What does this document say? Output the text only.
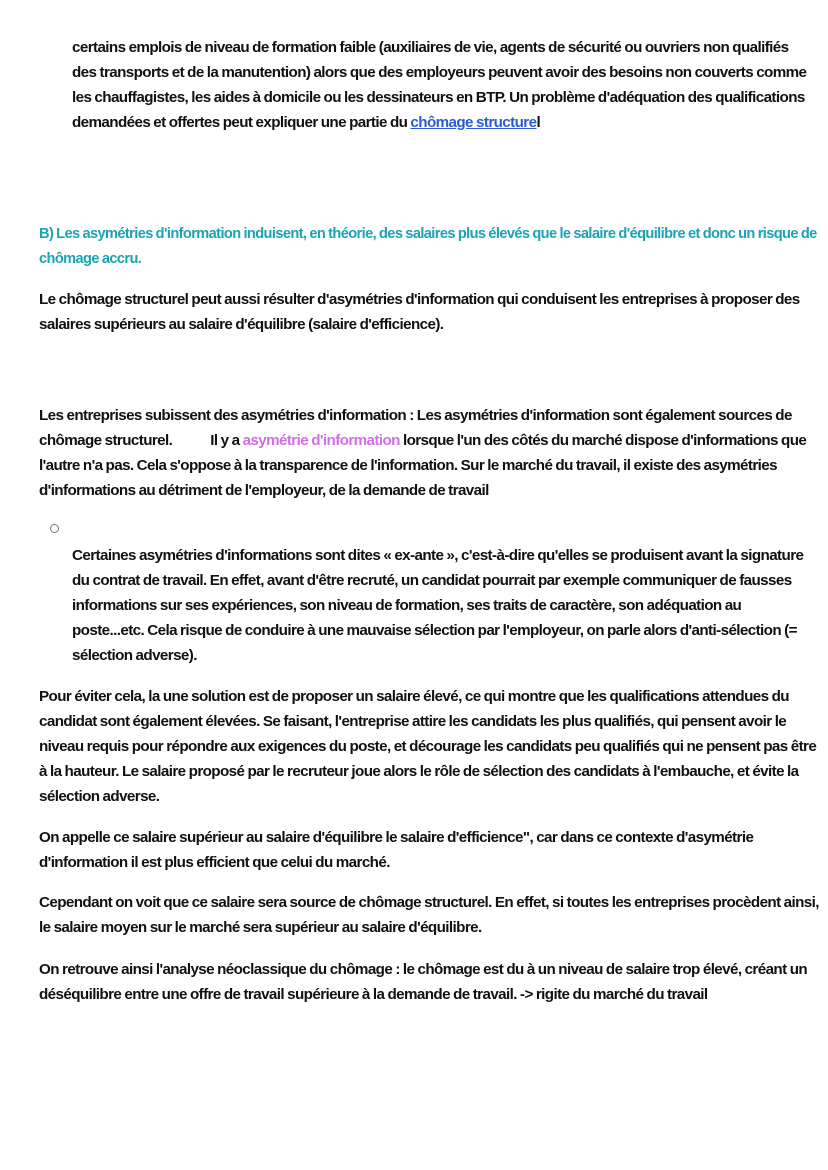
certains emplois de niveau de formation faible (auxiliaires de vie, agents de sécurité ou ouvriers non qualifiés des transports et de la manutention) alors que des employeurs peuvent avoir des besoins non couverts comme les chauffagistes, les aides à domicile ou les dessinateurs en BTP. Un problème d'adéquation des qualifications demandées et offertes peut expliquer une partie du chômage structurel

B) Les asymétries d'information induisent, en théorie, des salaires plus élevés que le salaire d'équilibre et donc un risque de chômage accru.

Le chômage structurel peut aussi résulter d'asymétries d'information qui conduisent les entreprises à proposer des salaires supérieurs au salaire d'équilibre (salaire d'efficience).

Les entreprises subissent des asymétries d'information : Les asymétries d'information sont également sources de chômage structurel.	Il y a asymétrie d'information lorsque l'un des côtés du marché dispose d'informations que l'autre n'a pas. Cela s'oppose à la transparence de l'information. Sur le marché du travail, il existe des asymétries d'informations au détriment de l'employeur, de la demande de travail

Certaines asymétries d'informations sont dites « ex-ante », c'est-à-dire qu'elles se produisent avant la signature du contrat de travail. En effet, avant d'être recruté, un candidat pourrait par exemple communiquer de fausses informations sur ses expériences, son niveau de formation, ses traits de caractère, son adéquation au poste...etc. Cela risque de conduire à une mauvaise sélection par l'employeur, on parle alors d'anti-sélection (= sélection adverse).

Pour éviter cela, la une solution est de proposer un salaire élevé, ce qui montre que les qualifications attendues du candidat sont également élevées. Se faisant, l'entreprise attire les candidats les plus qualifiés, qui pensent avoir le niveau requis pour répondre aux exigences du poste, et décourage les candidats peu qualifiés qui ne pensent pas être à la hauteur. Le salaire proposé par le recruteur joue alors le rôle de sélection des candidats à l'embauche, et évite la sélection adverse.

On appelle ce salaire supérieur au salaire d'équilibre le salaire d'efficience", car dans ce contexte d'asymétrie d'information il est plus efficient que celui du marché.

Cependant on voit que ce salaire sera source de chômage structurel. En effet, si toutes les entreprises procèdent ainsi, le salaire moyen sur le marché sera supérieur au salaire d'équilibre.

On retrouve ainsi l'analyse néoclassique du chômage : le chômage est du à un niveau de salaire trop élevé, créant un déséquilibre entre une offre de travail supérieure à la demande de travail. -> rigite du marché du travail
